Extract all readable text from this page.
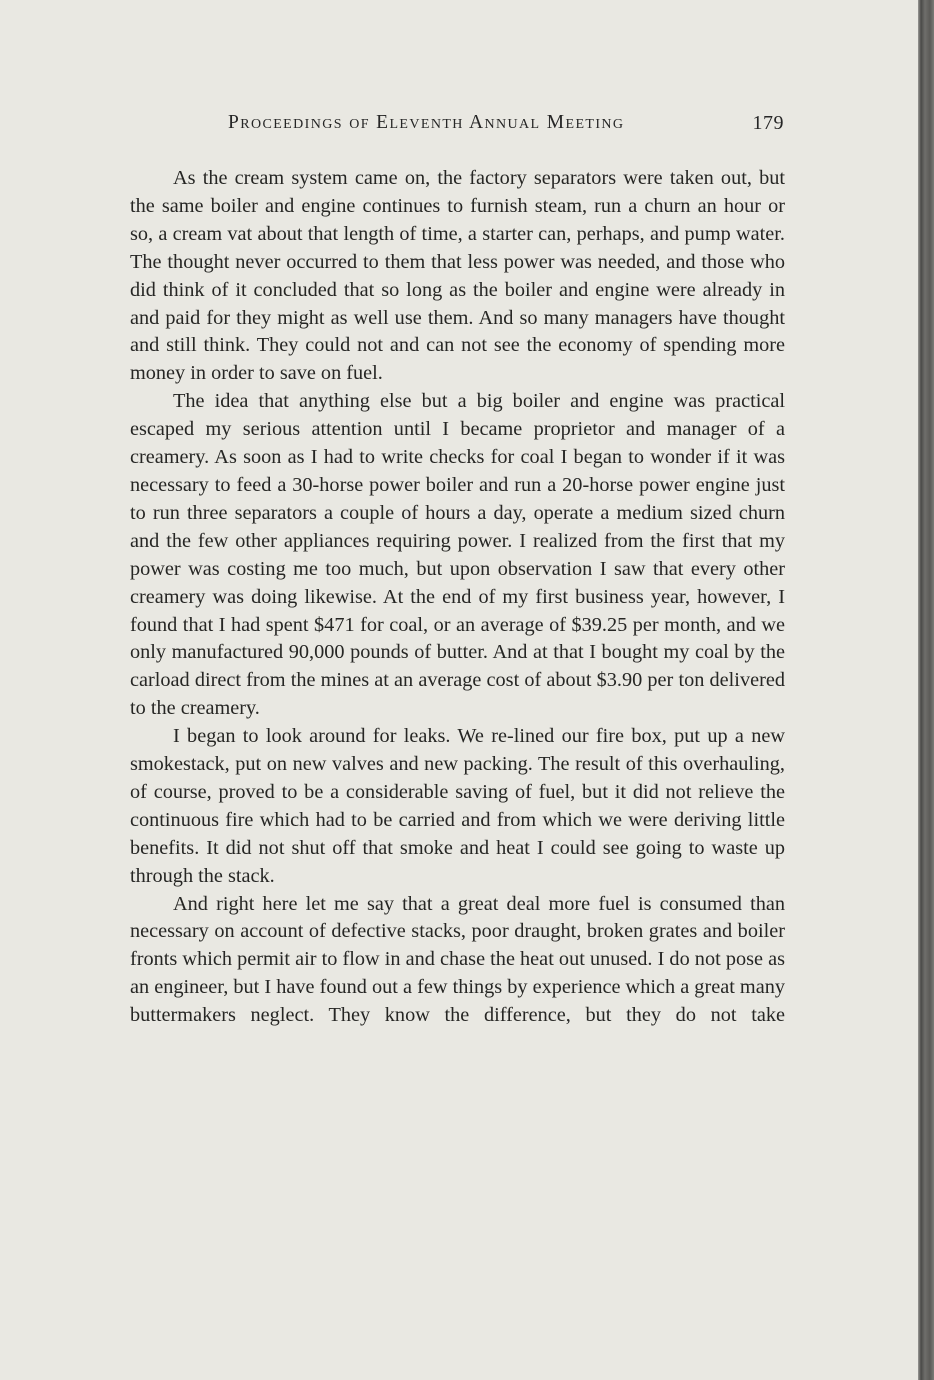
Proceedings of Eleventh Annual Meeting	179

As the cream system came on, the factory separators were taken out, but the same boiler and engine continues to furnish steam, run a churn an hour or so, a cream vat about that length of time, a starter can, perhaps, and pump water. The thought never occurred to them that less power was needed, and those who did think of it concluded that so long as the boiler and engine were already in and paid for they might as well use them. And so many managers have thought and still think. They could not and can not see the economy of spending more money in order to save on fuel.

The idea that anything else but a big boiler and engine was practical escaped my serious attention until I became proprietor and manager of a creamery. As soon as I had to write checks for coal I began to wonder if it was necessary to feed a 30-horse power boiler and run a 20-horse power engine just to run three separators a couple of hours a day, operate a medium sized churn and the few other appliances requiring power. I realized from the first that my power was costing me too much, but upon observation I saw that every other creamery was doing likewise. At the end of my first business year, however, I found that I had spent $471 for coal, or an average of $39.25 per month, and we only manufactured 90,000 pounds of butter. And at that I bought my coal by the carload direct from the mines at an average cost of about $3.90 per ton delivered to the creamery.

I began to look around for leaks. We re-lined our fire box, put up a new smokestack, put on new valves and new packing. The result of this overhauling, of course, proved to be a considerable saving of fuel, but it did not relieve the continuous fire which had to be carried and from which we were deriving little benefits. It did not shut off that smoke and heat I could see going to waste up through the stack.

And right here let me say that a great deal more fuel is consumed than necessary on account of defective stacks, poor draught, broken grates and boiler fronts which permit air to flow in and chase the heat out unused. I do not pose as an engineer, but I have found out a few things by experience which a great many buttermakers neglect. They know the difference, but they do not take
